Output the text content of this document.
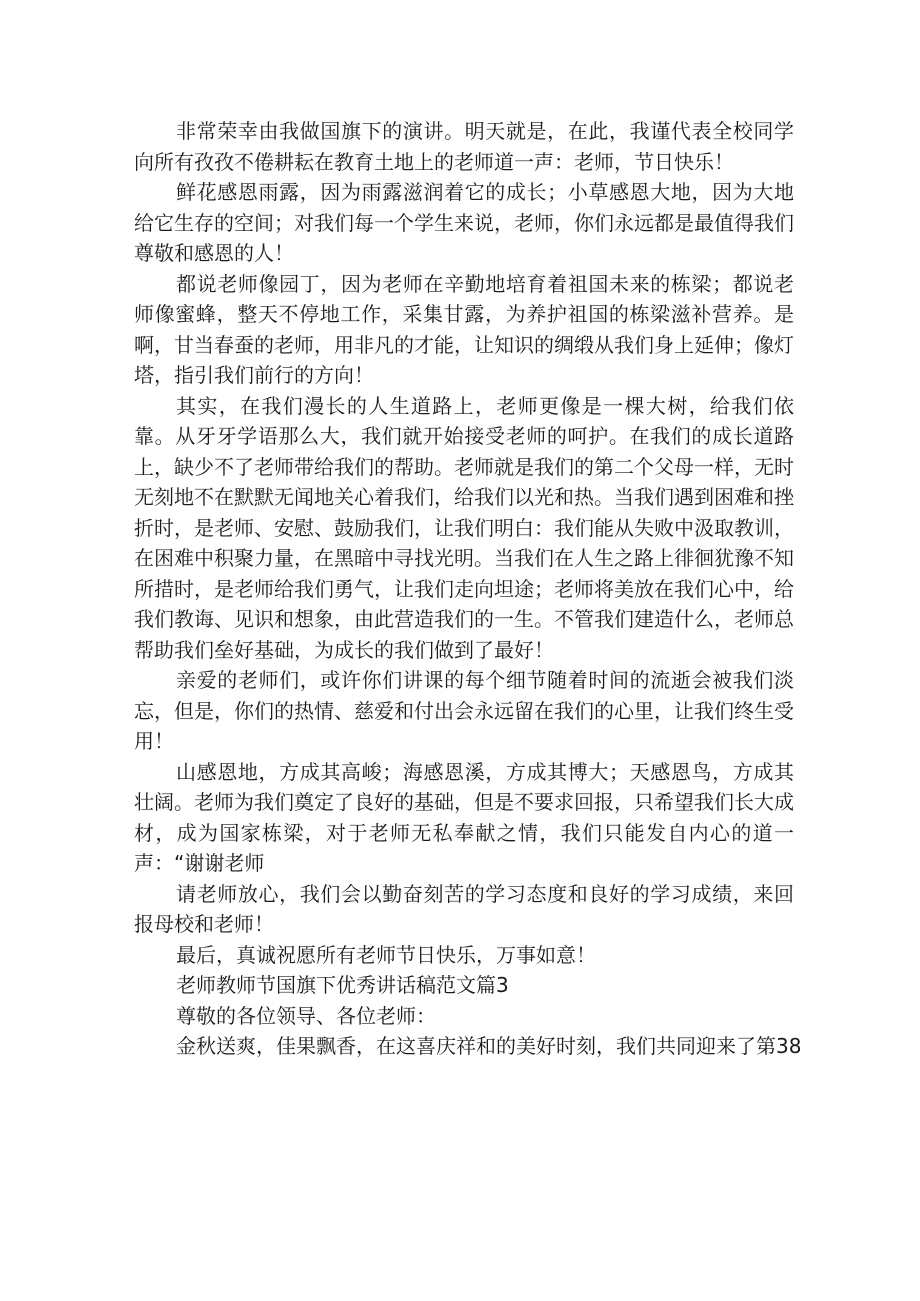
非常荣幸由我做国旗下的演讲。明天就是，在此，我谨代表全校同学向所有孜孜不倦耕耘在教育土地上的老师道一声：老师，节日快乐！

鲜花感恩雨露，因为雨露滋润着它的成长；小草感恩大地，因为大地给它生存的空间；对我们每一个学生来说，老师，你们永远都是最值得我们尊敬和感恩的人！

都说老师像园丁，因为老师在辛勤地培育着祖国未来的栋梁；都说老师像蜜蜂，整天不停地工作，采集甘露，为养护祖国的栋梁滋补营养。是啊，甘当春蚕的老师，用非凡的才能，让知识的绸缎从我们身上延伸；像灯塔，指引我们前行的方向！

其实，在我们漫长的人生道路上，老师更像是一棵大树，给我们依靠。从牙牙学语那么大，我们就开始接受老师的呵护。在我们的成长道路上，缺少不了老师带给我们的帮助。老师就是我们的第二个父母一样，无时无刻地不在默默无闻地关心着我们，给我们以光和热。当我们遇到困难和挫折时，是老师、安慰、鼓励我们，让我们明白：我们能从失败中汲取教训，在困难中积聚力量，在黑暗中寻找光明。当我们在人生之路上徘徊犹豫不知所措时，是老师给我们勇气，让我们走向坦途；老师将美放在我们心中，给我们教诲、见识和想象，由此营造我们的一生。不管我们建造什么，老师总帮助我们垒好基础，为成长的我们做到了最好！

亲爱的老师们，或许你们讲课的每个细节随着时间的流逝会被我们淡忘，但是，你们的热情、慈爱和付出会永远留在我们的心里，让我们终生受用！

山感恩地，方成其高峻；海感恩溪，方成其博大；天感恩鸟，方成其壮阔。老师为我们奠定了良好的基础，但是不要求回报，只希望我们长大成材，成为国家栋梁，对于老师无私奉献之情，我们只能发自内心的道一声：“谢谢老师

请老师放心，我们会以勤奋刻苦的学习态度和良好的学习成绩，来回报母校和老师！

最后，真诚祝愿所有老师节日快乐，万事如意！

老师教师节国旗下优秀讲话稿范文篇3

尊敬的各位领导、各位老师：

金秋送爽，佳果飘香，在这喜庆祥和的美好时刻，我们共同迎来了第38
